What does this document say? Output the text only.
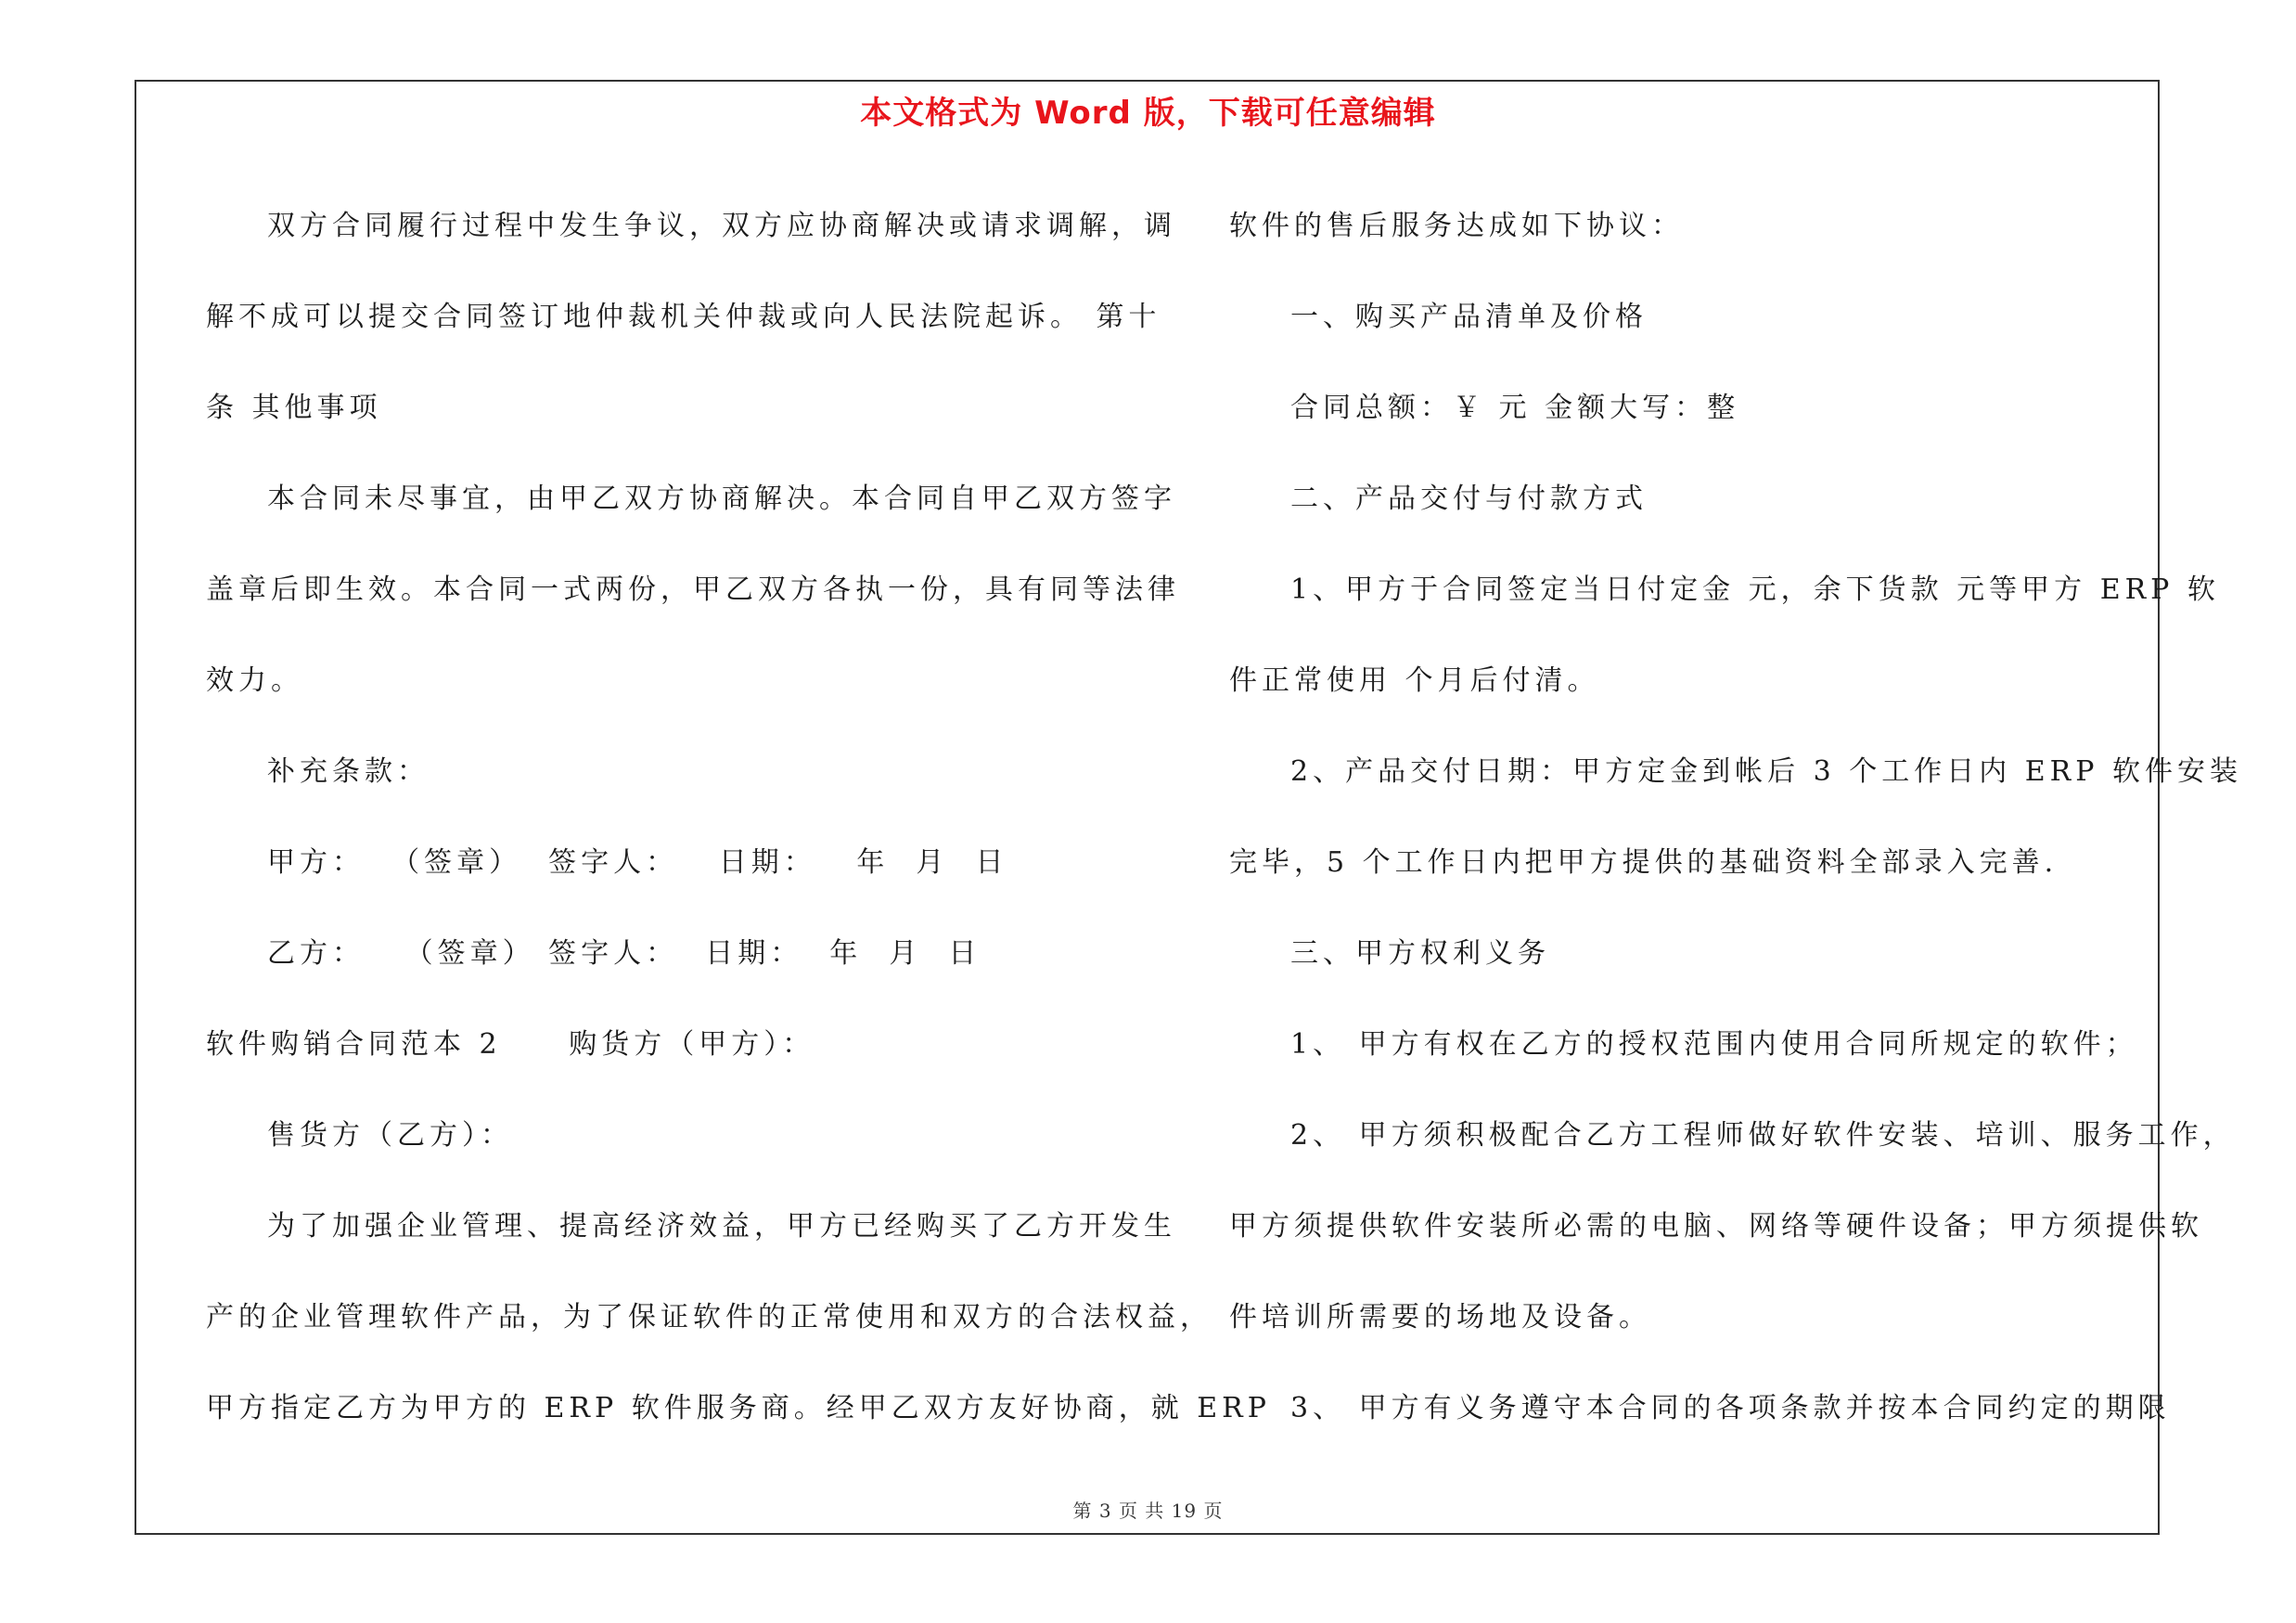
本文格式为 Word 版，下载可任意编辑
双方合同履行过程中发生争议，双方应协商解决或请求调解，调
解不成可以提交合同签订地仲裁机关仲裁或向人民法院起诉。 第十
条 其他事项
本合同未尽事宜，由甲乙双方协商解决。本合同自甲乙双方签字
盖章后即生效。本合同一式两份，甲乙双方各执一份，具有同等法律
效力。
补充条款：
甲方：  （签章）  签字人：   日期：   年  月  日
乙方：   （签章） 签字人：  日期：  年  月  日
软件购销合同范本 2     购货方（甲方）：
售货方（乙方）：
为了加强企业管理、提高经济效益，甲方已经购买了乙方开发生
产的企业管理软件产品，为了保证软件的正常使用和双方的合法权益，
甲方指定乙方为甲方的 ERP 软件服务商。经甲乙双方友好协商，就 ERP
软件的售后服务达成如下协议：
一、购买产品清单及价格
合同总额：￥ 元 金额大写：整
二、产品交付与付款方式
1、甲方于合同签定当日付定金 元，余下货款 元等甲方 ERP 软
件正常使用 个月后付清。
2、产品交付日期：甲方定金到帐后 3 个工作日内 ERP 软件安装
完毕，5 个工作日内把甲方提供的基础资料全部录入完善.
三、甲方权利义务
1、 甲方有权在乙方的授权范围内使用合同所规定的软件；
2、 甲方须积极配合乙方工程师做好软件安装、培训、服务工作，
甲方须提供软件安装所必需的电脑、网络等硬件设备；甲方须提供软
件培训所需要的场地及设备。
3、 甲方有义务遵守本合同的各项条款并按本合同约定的期限
第 3 页 共 19 页
